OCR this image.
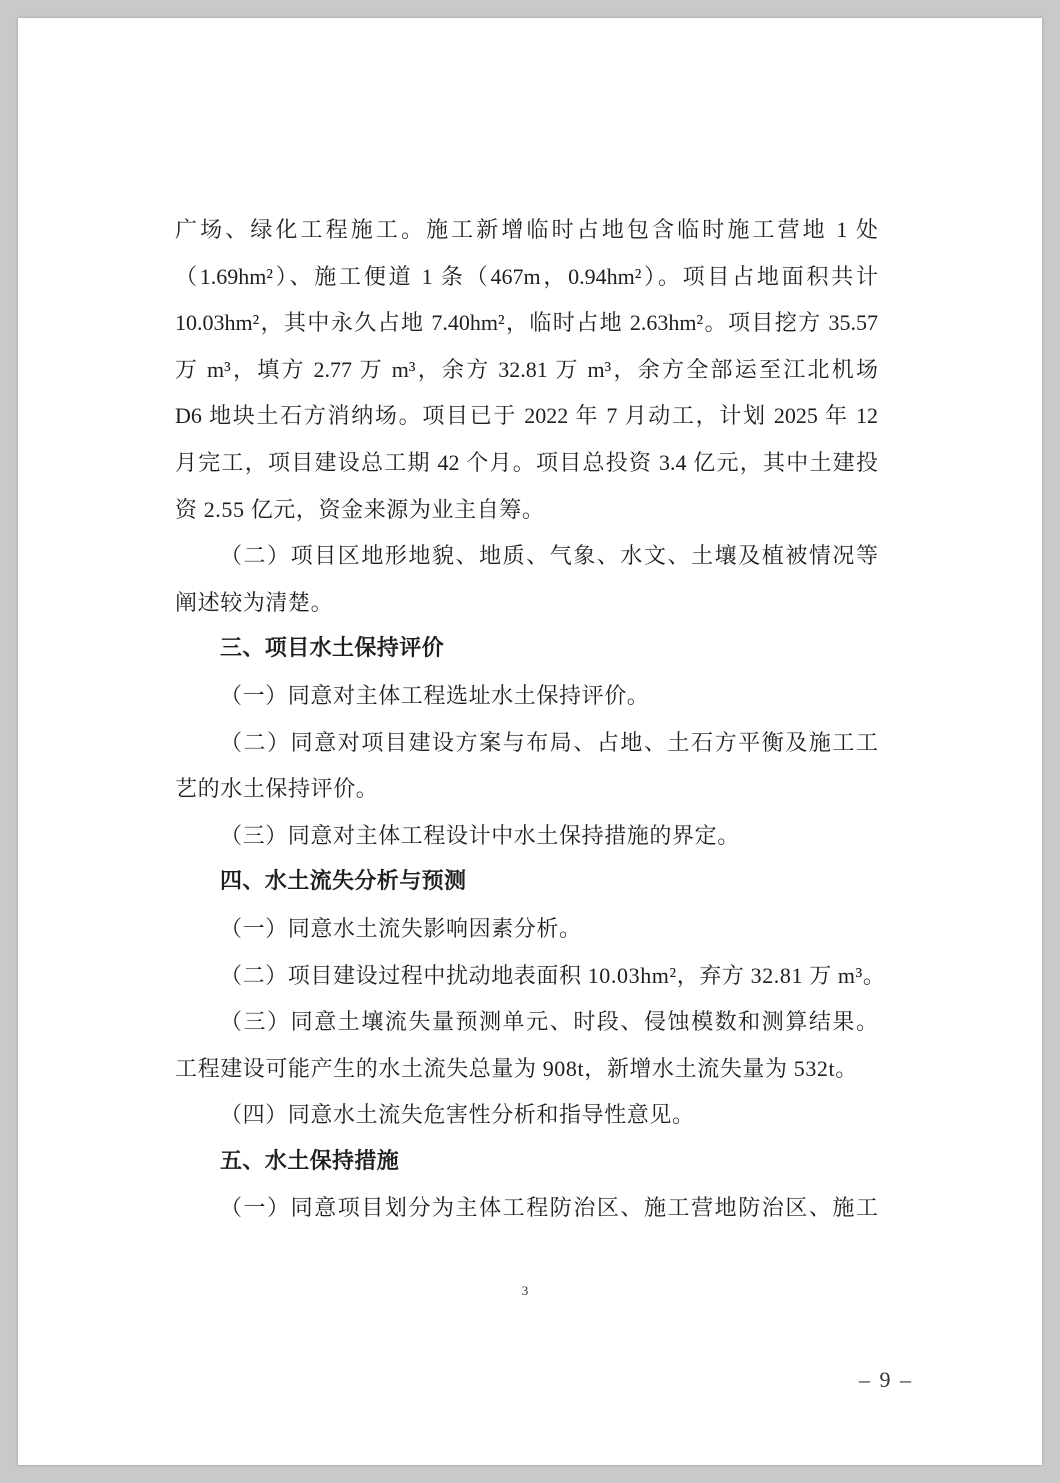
广场、绿化工程施工。施工新增临时占地包含临时施工营地 1 处
（1.69hm²）、施工便道 1 条（467m，0.94hm²）。项目占地面积共计
10.03hm²，其中永久占地 7.40hm²，临时占地 2.63hm²。项目挖方 35.57
万 m³，填方 2.77 万 m³，余方 32.81 万 m³，余方全部运至江北机场
D6 地块土石方消纳场。项目已于 2022 年 7 月动工，计划 2025 年 12
月完工，项目建设总工期 42 个月。项目总投资 3.4 亿元，其中土建投
资 2.55 亿元，资金来源为业主自筹。
（二）项目区地形地貌、地质、气象、水文、土壤及植被情况等
阐述较为清楚。
三、项目水土保持评价
（一）同意对主体工程选址水土保持评价。
（二）同意对项目建设方案与布局、占地、土石方平衡及施工工
艺的水土保持评价。
（三）同意对主体工程设计中水土保持措施的界定。
四、水土流失分析与预测
（一）同意水土流失影响因素分析。
（二）项目建设过程中扰动地表面积 10.03hm²，弃方 32.81 万 m³。
（三）同意土壤流失量预测单元、时段、侵蚀模数和测算结果。
工程建设可能产生的水土流失总量为 908t，新增水土流失量为 532t。
（四）同意水土流失危害性分析和指导性意见。
五、水土保持措施
（一）同意项目划分为主体工程防治区、施工营地防治区、施工
3
– 9 –
